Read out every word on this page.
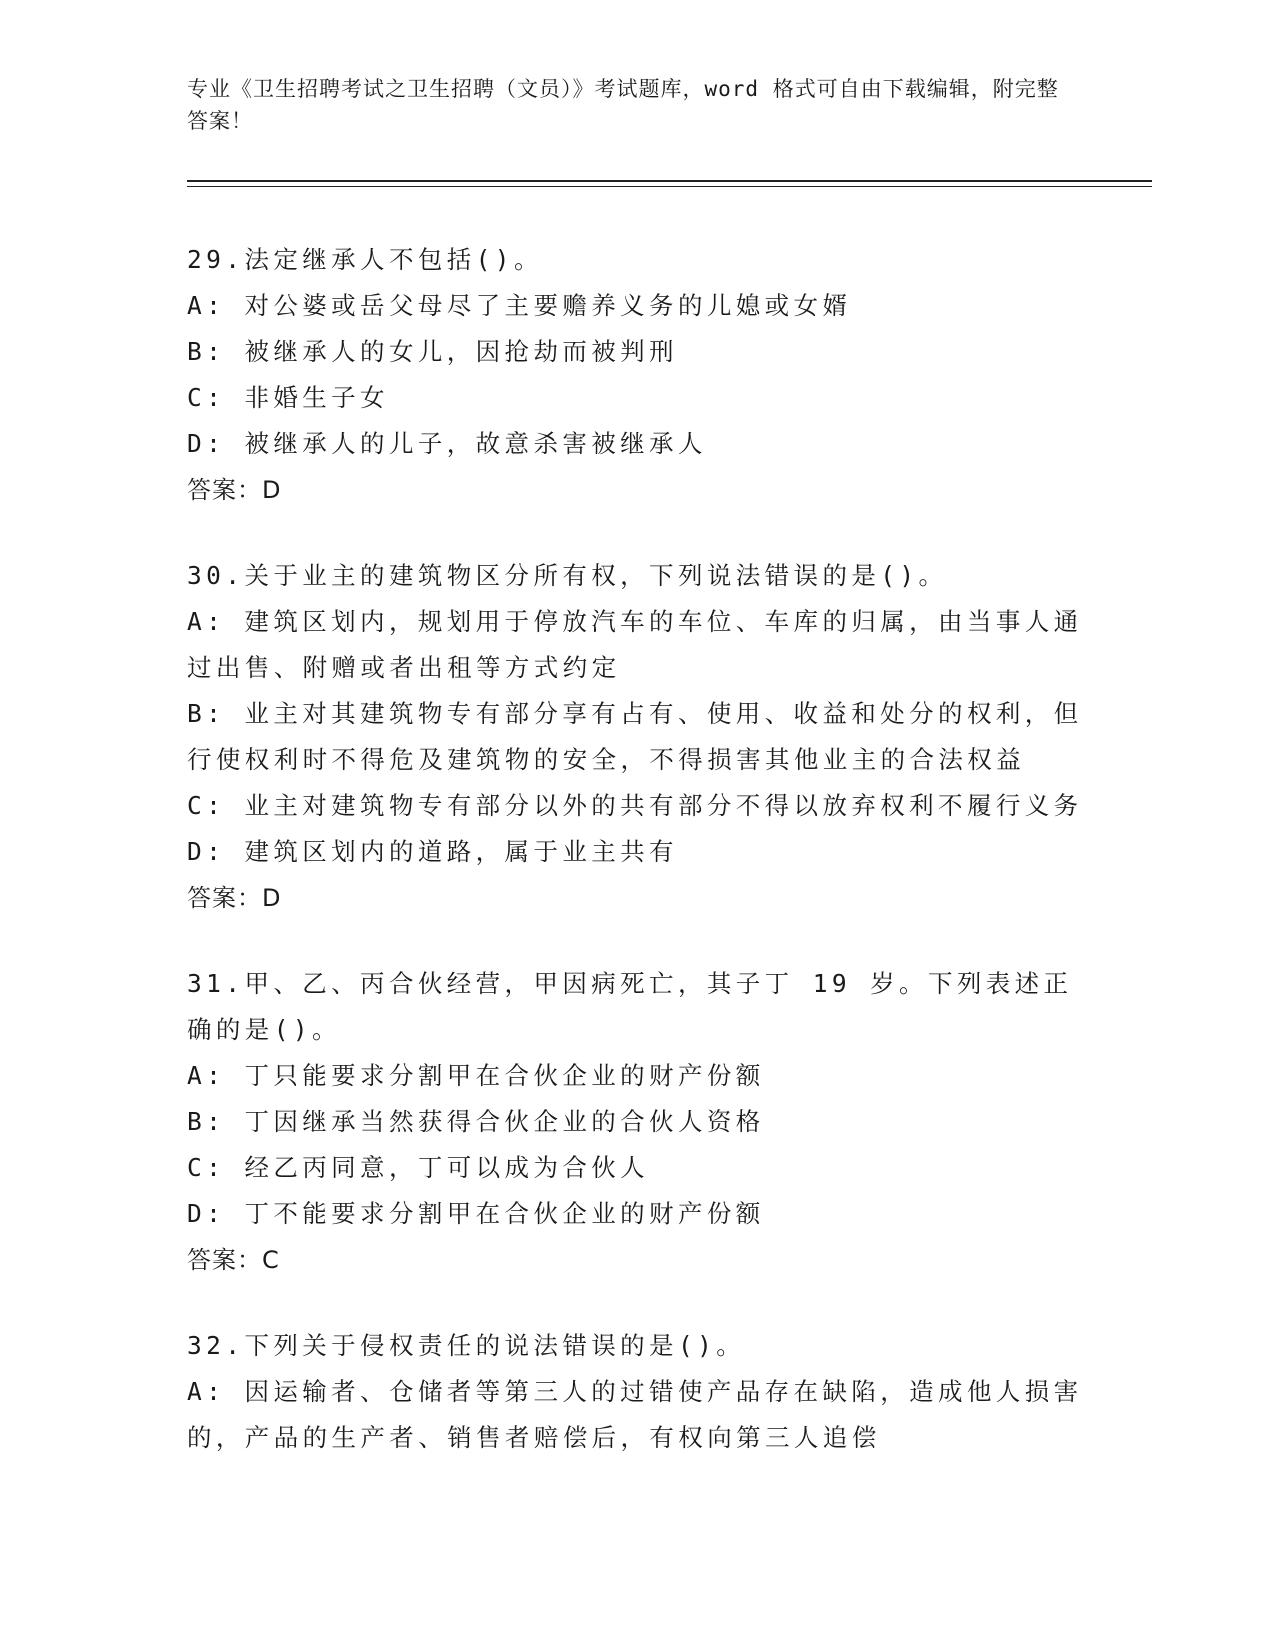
专业《卫生招聘考试之卫生招聘（文员）》考试题库，word 格式可自由下载编辑，附完整答案！
29.法定继承人不包括()。
A: 对公婆或岳父母尽了主要赡养义务的儿媳或女婿
B: 被继承人的女儿，因抢劫而被判刑
C: 非婚生子女
D: 被继承人的儿子，故意杀害被继承人
答案：D
30.关于业主的建筑物区分所有权，下列说法错误的是()。
A: 建筑区划内，规划用于停放汽车的车位、车库的归属，由当事人通过出售、附赠或者出租等方式约定
B: 业主对其建筑物专有部分享有占有、使用、收益和处分的权利，但行使权利时不得危及建筑物的安全，不得损害其他业主的合法权益
C: 业主对建筑物专有部分以外的共有部分不得以放弃权利不履行义务
D: 建筑区划内的道路，属于业主共有
答案：D
31.甲、乙、丙合伙经营，甲因病死亡，其子丁 19 岁。下列表述正确的是()。
A: 丁只能要求分割甲在合伙企业的财产份额
B: 丁因继承当然获得合伙企业的合伙人资格
C: 经乙丙同意，丁可以成为合伙人
D: 丁不能要求分割甲在合伙企业的财产份额
答案：C
32.下列关于侵权责任的说法错误的是()。
A: 因运输者、仓储者等第三人的过错使产品存在缺陷，造成他人损害的，产品的生产者、销售者赔偿后，有权向第三人追偿
